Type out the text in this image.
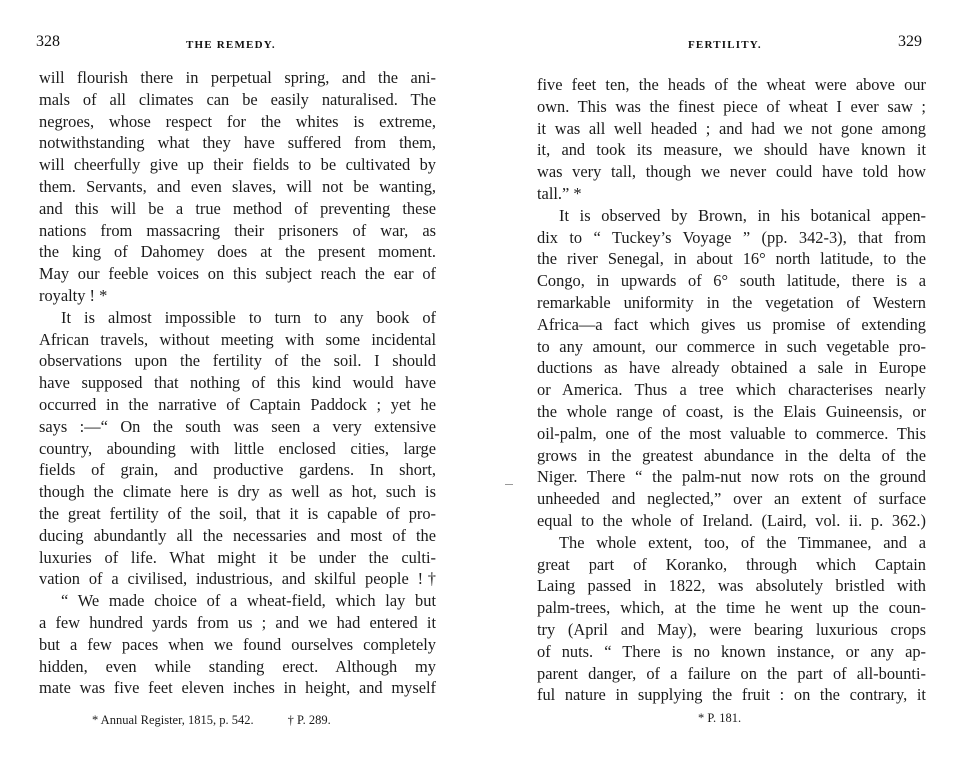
328	THE REMEDY.
will flourish there in perpetual spring, and the ani-
mals of all climates can be easily naturalised. The
negroes, whose respect for the whites is extreme,
notwithstanding what they have suffered from them,
will cheerfully give up their fields to be cultivated by
them. Servants, and even slaves, will not be wanting,
and this will be a true method of preventing these
nations from massacring their prisoners of war, as
the king of Dahomey does at the present moment.
May our feeble voices on this subject reach the ear of
royalty ! *
It is almost impossible to turn to any book of
African travels, without meeting with some incidental
observations upon the fertility of the soil. I should
have supposed that nothing of this kind would have
occurred in the narrative of Captain Paddock ; yet he
says :—“ On the south was seen a very extensive
country, abounding with little enclosed cities, large
fields of grain, and productive gardens. In short,
though the climate here is dry as well as hot, such is
the great fertility of the soil, that it is capable of pro-
ducing abundantly all the necessaries and most of the
luxuries of life. What might it be under the culti-
vation of a civilised, industrious, and skilful people !†
“ We made choice of a wheat-field, which lay but
a few hundred yards from us ; and we had entered it
but a few paces when we found ourselves completely
hidden, even while standing erect. Although my
mate was five feet eleven inches in height, and myself
* Annual Register, 1815, p. 542.	† P. 289.
329
FERTILITY.
five feet ten, the heads of the wheat were above our
own. This was the finest piece of wheat I ever saw ;
it was all well headed ; and had we not gone among
it, and took its measure, we should have known it
was very tall, though we never could have told how
tall.” *
It is observed by Brown, in his botanical appen-
dix to “ Tuckey’s Voyage ” (pp. 342-3), that from
the river Senegal, in about 16° north latitude, to the
Congo, in upwards of 6° south latitude, there is a
remarkable uniformity in the vegetation of Western
Africa—a fact which gives us promise of extending
to any amount, our commerce in such vegetable pro-
ductions as have already obtained a sale in Europe
or America. Thus a tree which characterises nearly
the whole range of coast, is the Elais Guineensis, or
oil-palm, one of the most valuable to commerce. This
grows in the greatest abundance in the delta of the
Niger. There “ the palm-nut now rots on the ground
unheeded and neglected,” over an extent of surface
equal to the whole of Ireland. (Laird, vol. ii. p. 362.)
The whole extent, too, of the Timmanee, and a
great part of Koranko, through which Captain
Laing passed in 1822, was absolutely bristled with
palm-trees, which, at the time he went up the coun-
try (April and May), were bearing luxurious crops
of nuts. “ There is no known instance, or any ap-
parent danger, of a failure on the part of all-bounti-
ful nature in supplying the fruit : on the contrary, it
* P. 181.
